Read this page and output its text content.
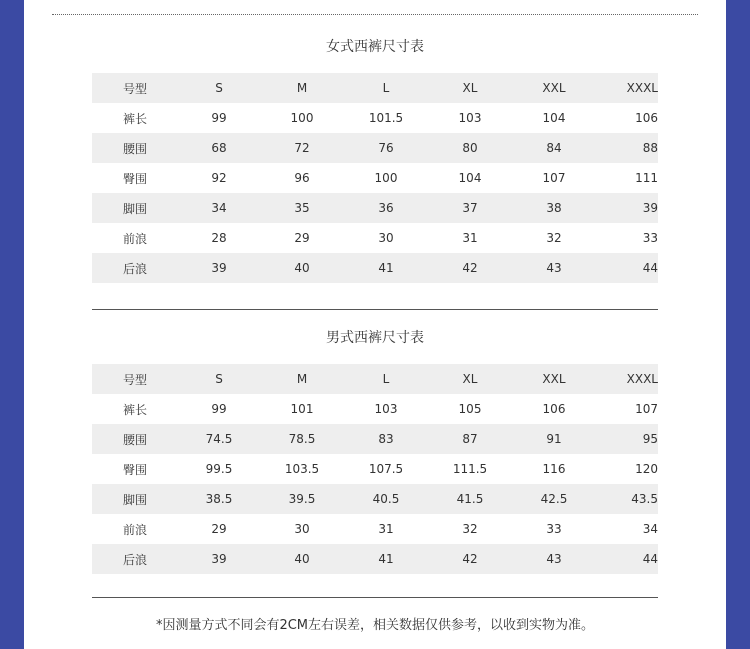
女式西裤尺寸表
号型	S	M	L	XL	XXL	XXXL
裤长	99	100	101.5	103	104	106
腰围	68	72	76	80	84	88
臀围	92	96	100	104	107	111
脚围	34	35	36	37	38	39
前浪	28	29	30	31	32	33
后浪	39	40	41	42	43	44
男式西裤尺寸表
号型	S	M	L	XL	XXL	XXXL
裤长	99	101	103	105	106	107
腰围	74.5	78.5	83	87	91	95
臀围	99.5	103.5	107.5	111.5	116	120
脚围	38.5	39.5	40.5	41.5	42.5	43.5
前浪	29	30	31	32	33	34
后浪	39	40	41	42	43	44
*因测量方式不同会有2CM左右误差，相关数据仅供参考，以收到实物为准。
